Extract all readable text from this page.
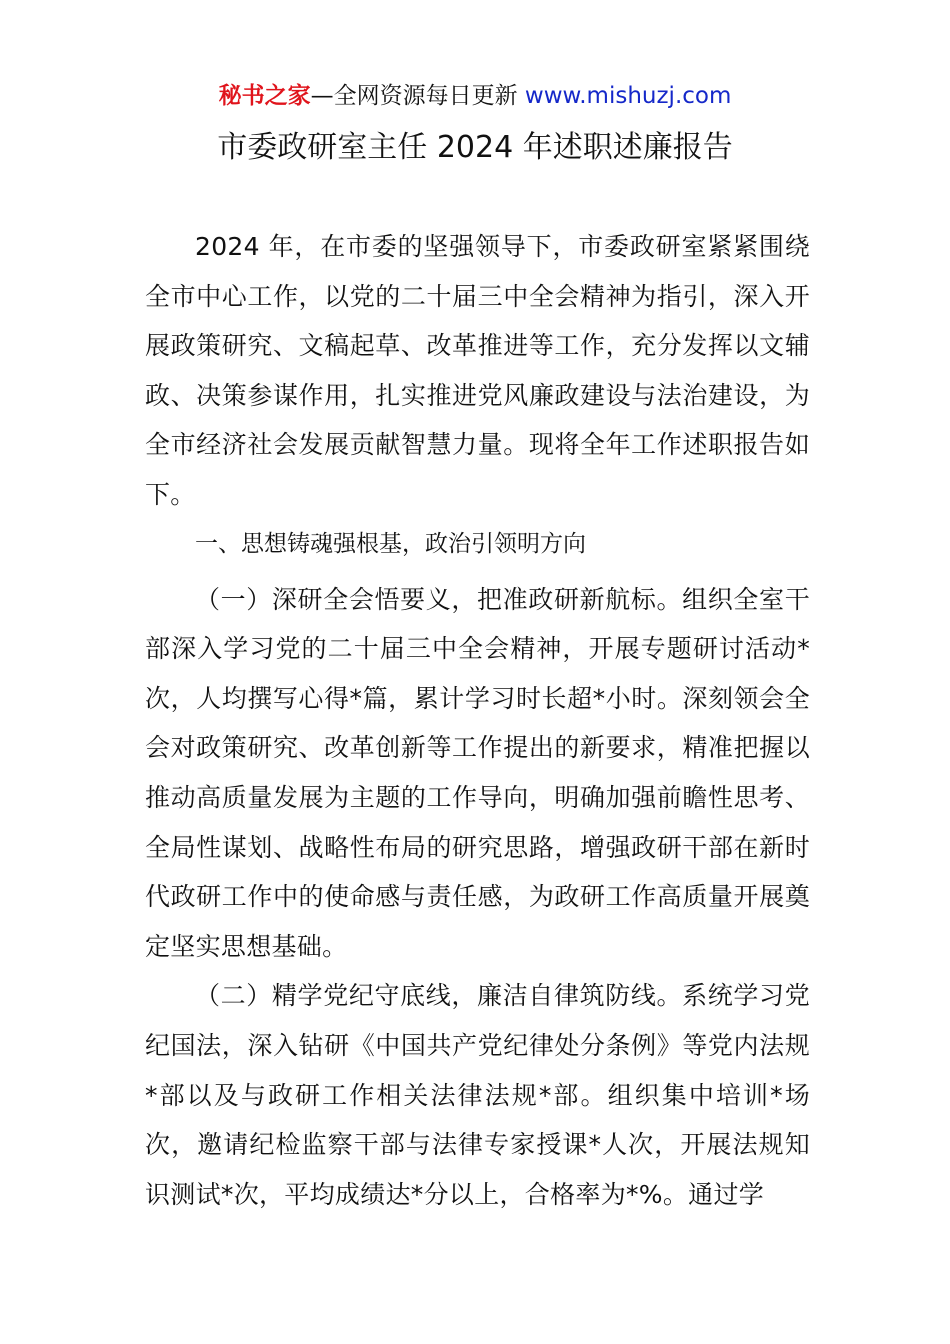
秘书之家—全网资源每日更新 www.mishuzj.com
市委政研室主任 2024 年述职述廉报告

2024 年，在市委的坚强领导下，市委政研室紧紧围绕全市中心工作，以党的二十届三中全会精神为指引，深入开展政策研究、文稿起草、改革推进等工作，充分发挥以文辅政、决策参谋作用，扎实推进党风廉政建设与法治建设，为全市经济社会发展贡献智慧力量。现将全年工作述职报告如下。

一、思想铸魂强根基，政治引领明方向

（一）深研全会悟要义，把准政研新航标。组织全室干部深入学习党的二十届三中全会精神，开展专题研讨活动*次，人均撰写心得*篇，累计学习时长超*小时。深刻领会全会对政策研究、改革创新等工作提出的新要求，精准把握以推动高质量发展为主题的工作导向，明确加强前瞻性思考、全局性谋划、战略性布局的研究思路，增强政研干部在新时代政研工作中的使命感与责任感，为政研工作高质量开展奠定坚实思想基础。

（二）精学党纪守底线，廉洁自律筑防线。系统学习党纪国法，深入钻研《中国共产党纪律处分条例》等党内法规*部以及与政研工作相关法律法规*部。组织集中培训*场次，邀请纪检监察干部与法律专家授课*人次，开展法规知识测试*次，平均成绩达*分以上，合格率为*%。通过学
